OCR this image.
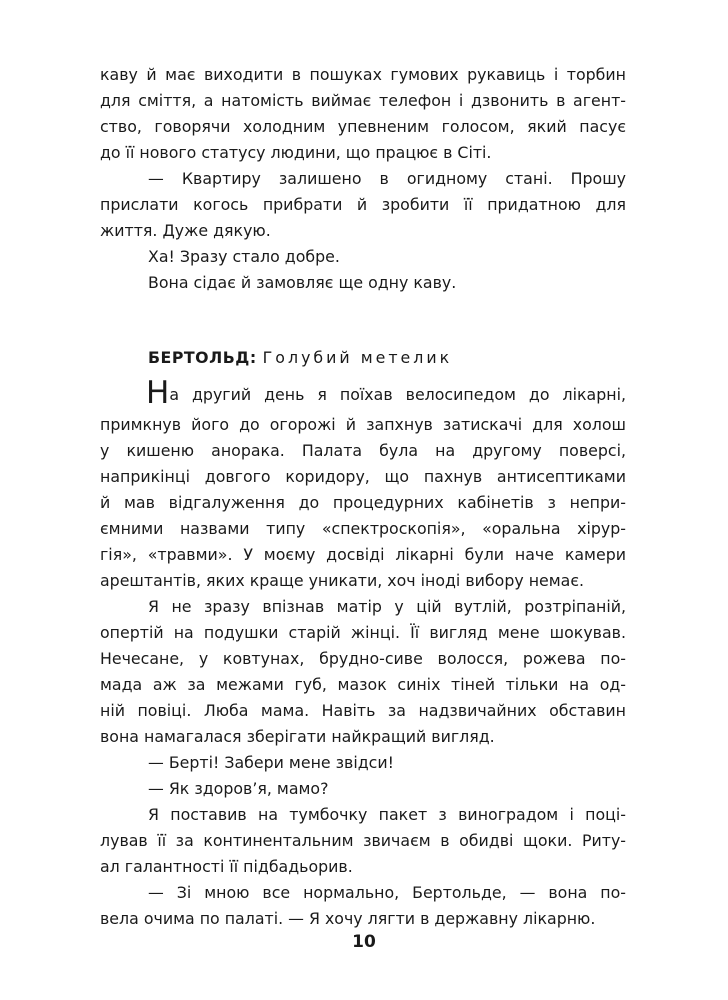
кaву й має виходити в пошуках гумових рукавиць і торбин
для сміття, а натомість виймає телефон і дзвонить в агент-
ство, говорячи холодним упевненим голосом, який пасує
до її нового статусу людини, що працює в Сіті.
— Квартиру залишено в огидному стані. Прошу
прислати когось прибрати й зробити її придатною для
життя. Дуже дякую.
Ха! Зразу стало добре.
Вона сідає й замовляє ще одну каву.
БЕРТОЛЬД: Голубий метелик
На другий день я поїхав велосипедом до лікарні,
примкнув його до огорожі й запхнув затискачі для холош
у кишеню анорака. Палата була на другому поверсі,
наприкінці довгого коридору, що пахнув антисептиками
й мав відгалуження до процедурних кабінетів з непри-
ємними назвами типу «спектроскопія», «оральна хірур-
гія», «травми». У моєму досвіді лікарні були наче камери
арештантів, яких краще уникати, хоч іноді вибору немає.
Я не зразу впізнав матір у цій вутлій, розтріпаній,
опертій на подушки старій жінці. Її вигляд мене шокував.
Нечесане, у ковтунах, брудно-сиве волосся, рожева по-
мада аж за межами губ, мазок синіх тіней тільки на од-
ній повіці. Люба мама. Навіть за надзвичайних обставин
вона намагалася зберігати найкращий вигляд.
— Берті! Забери мене звідси!
— Як здоров’я, мамо?
Я поставив на тумбочку пакет з виноградом і поці-
лував її за континентальним звичаєм в обидві щоки. Риту-
ал галантності її підбадьорив.
— Зі мною все нормально, Бертольде, — вона по-
вела очима по палаті. — Я хочу лягти в державну лікарню.
10
